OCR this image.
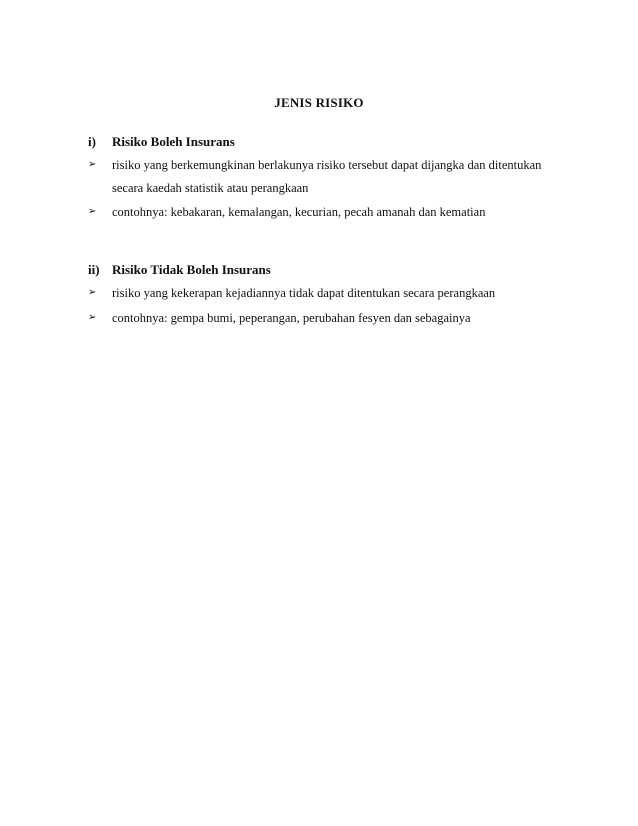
JENIS RISIKO
i) Risiko Boleh Insurans
➢ risiko yang berkemungkinan berlakunya risiko tersebut dapat dijangka dan ditentukan secara kaedah statistik atau perangkaan
➢ contohnya: kebakaran, kemalangan, kecurian, pecah amanah dan kematian
ii) Risiko Tidak Boleh Insurans
➢ risiko yang kekerapan kejadiannya tidak dapat ditentukan secara perangkaan
➢ contohnya: gempa bumi, peperangan, perubahan fesyen dan sebagainya
